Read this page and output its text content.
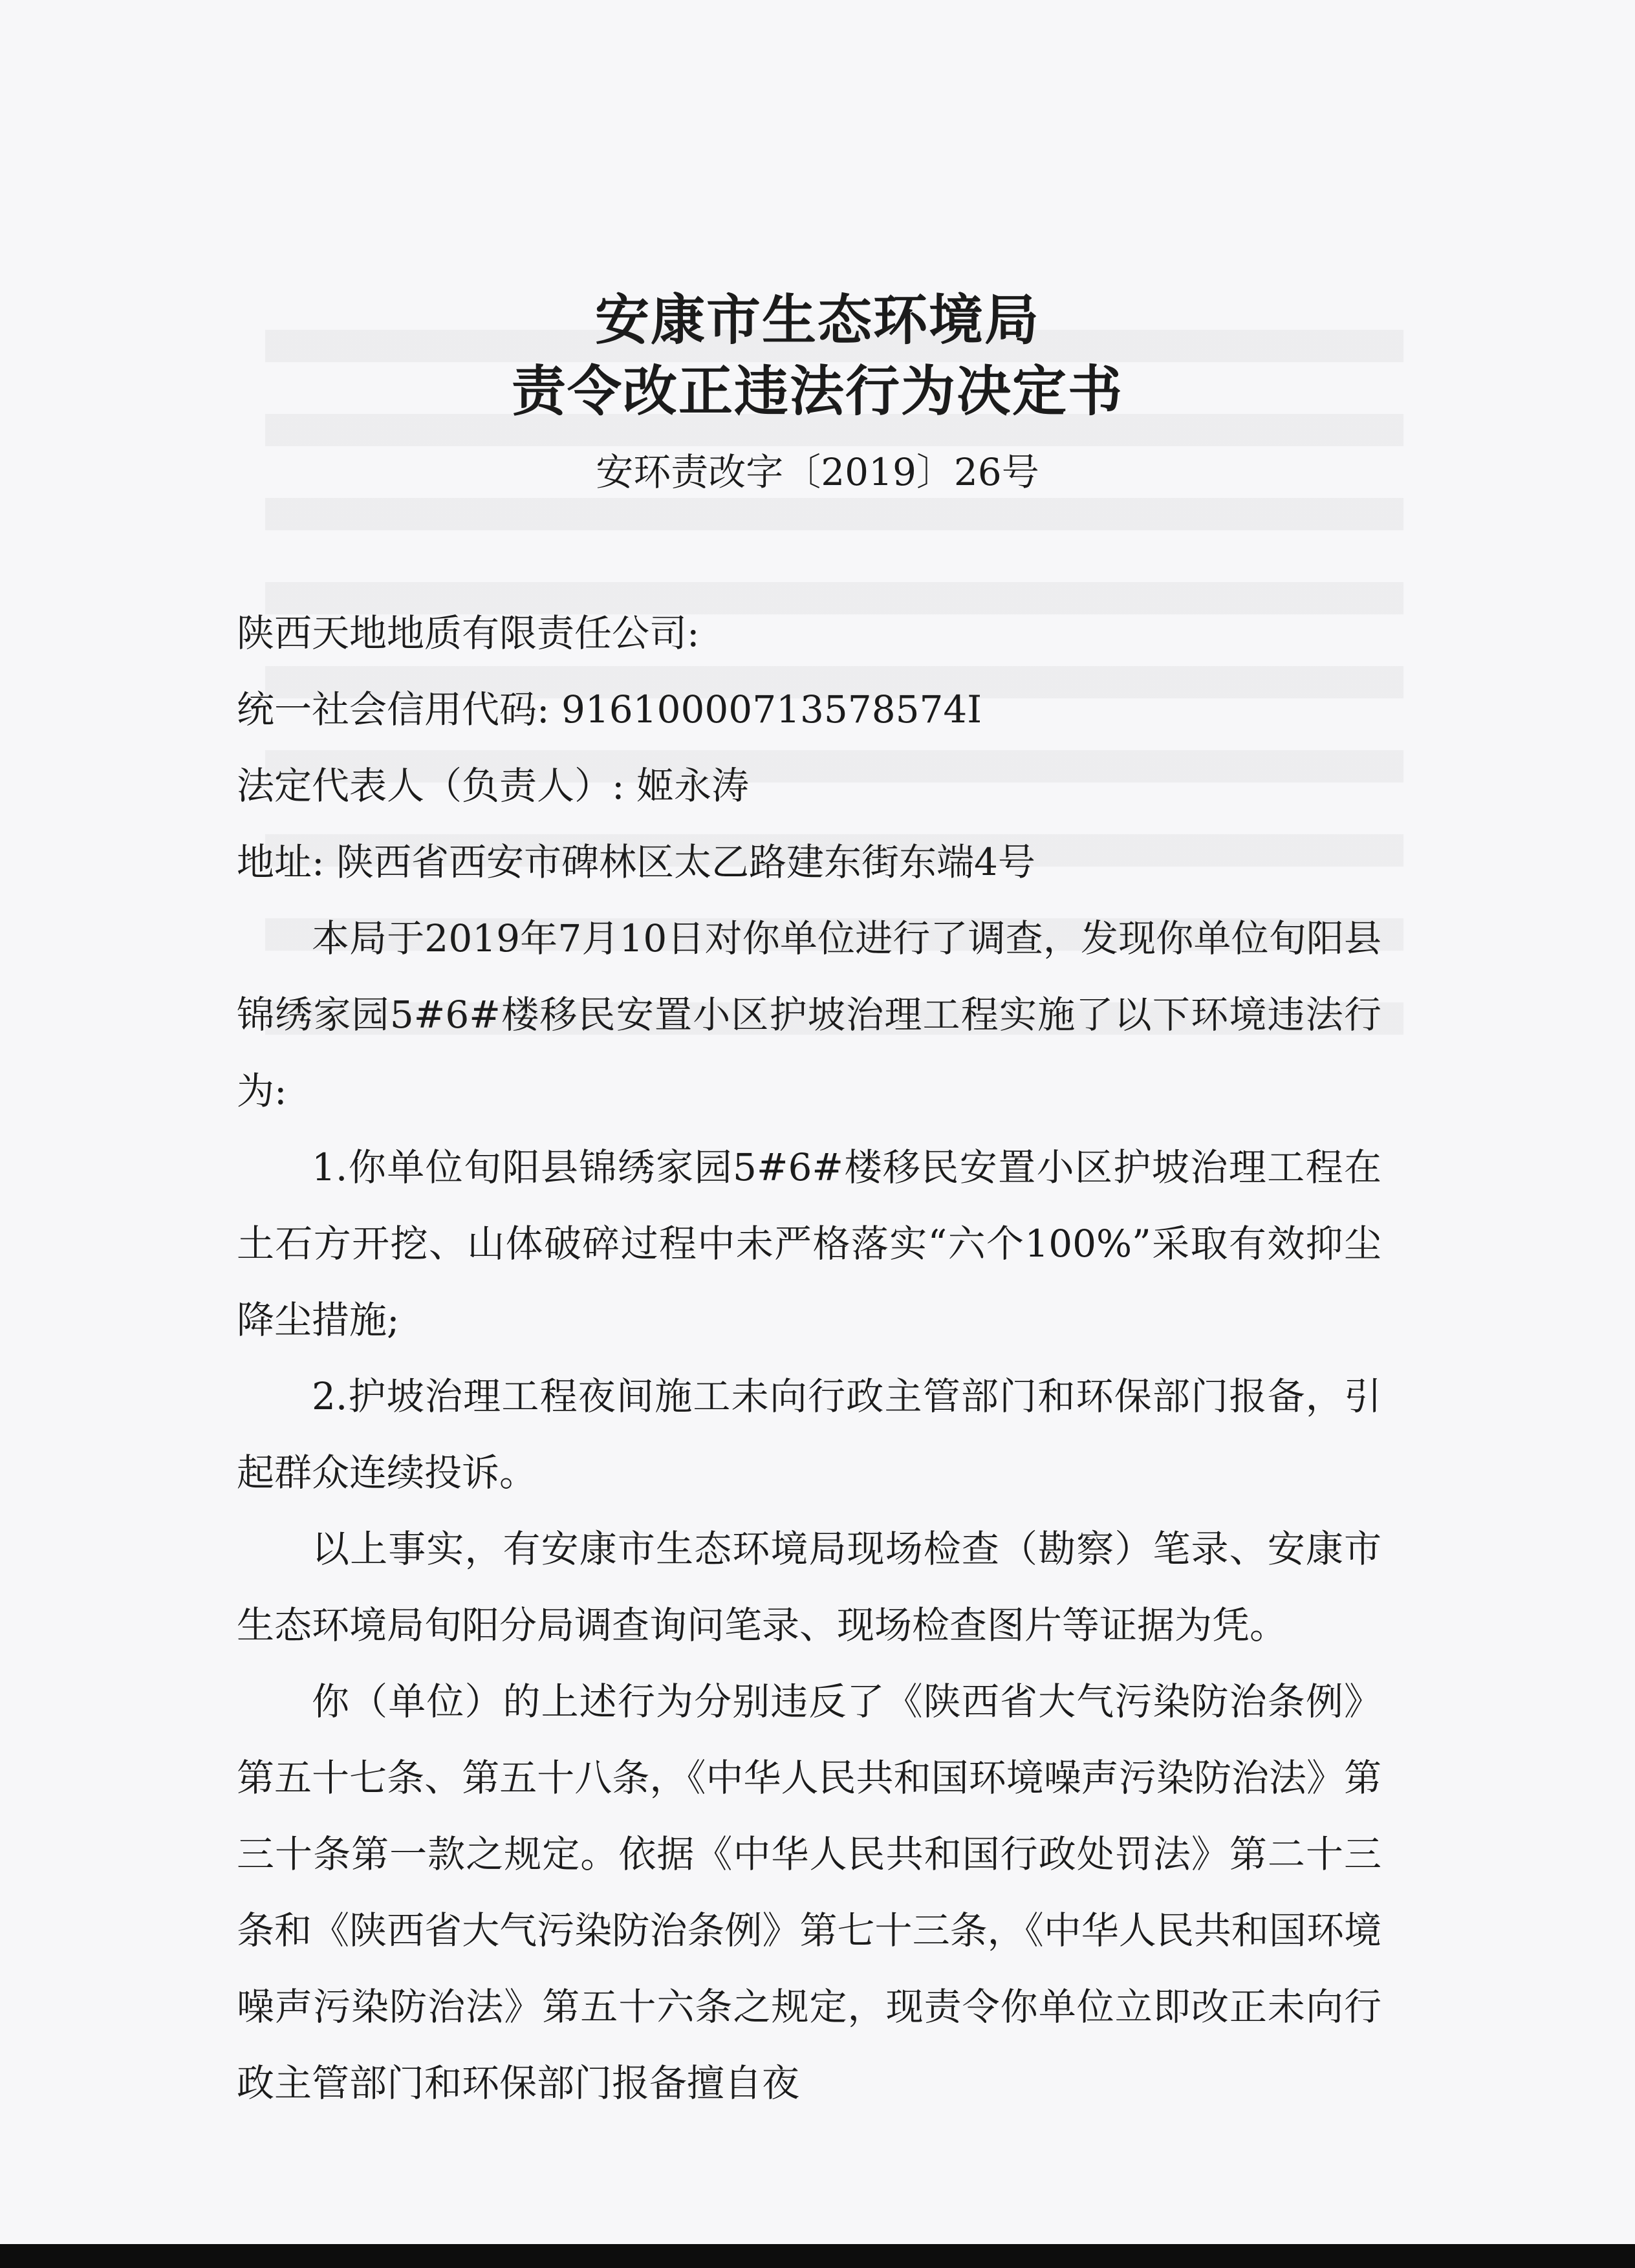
安康市生态环境局
责令改正违法行为决定书
安环责改字〔2019〕26号

陕西天地地质有限责任公司:

统一社会信用代码: 91610000713578574I

法定代表人（负责人）: 姬永涛

地址: 陕西省西安市碑林区太乙路建东街东端4号

本局于2019年7月10日对你单位进行了调查，发现你单位旬阳县锦绣家园5#6#楼移民安置小区护坡治理工程实施了以下环境违法行为:

1.你单位旬阳县锦绣家园5#6#楼移民安置小区护坡治理工程在土石方开挖、山体破碎过程中未严格落实“六个100%”采取有效抑尘降尘措施;

2.护坡治理工程夜间施工未向行政主管部门和环保部门报备，引起群众连续投诉。

以上事实，有安康市生态环境局现场检查（勘察）笔录、安康市生态环境局旬阳分局调查询问笔录、现场检查图片等证据为凭。

你（单位）的上述行为分别违反了《陕西省大气污染防治条例》第五十七条、第五十八条，《中华人民共和国环境噪声污染防治法》第三十条第一款之规定。依据《中华人民共和国行政处罚法》第二十三条和《陕西省大气污染防治条例》第七十三条，《中华人民共和国环境噪声污染防治法》第五十六条之规定，现责令你单位立即改正未向行政主管部门和环保部门报备擅自夜
